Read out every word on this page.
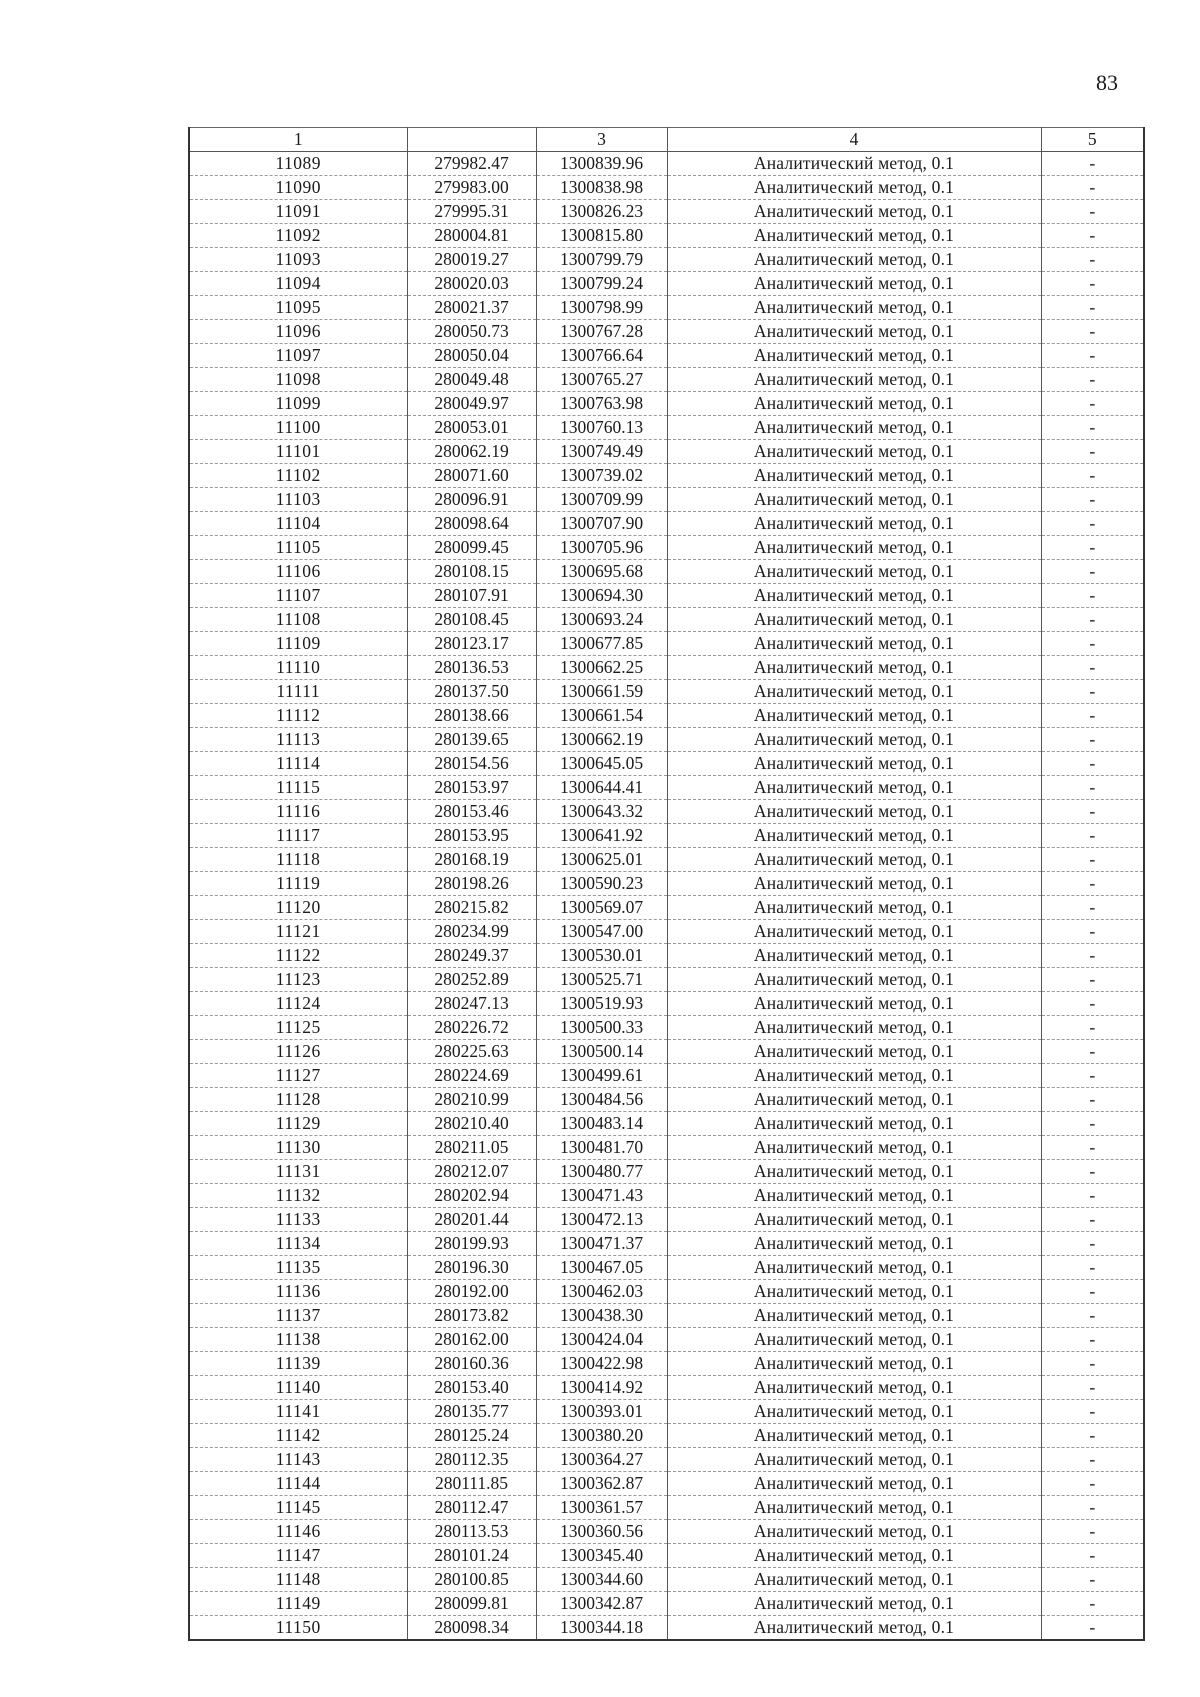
83
1		3	4	5
11089	279982.47	1300839.96	Аналитический метод, 0.1	-
11090	279983.00	1300838.98	Аналитический метод, 0.1	-
11091	279995.31	1300826.23	Аналитический метод, 0.1	-
11092	280004.81	1300815.80	Аналитический метод, 0.1	-
11093	280019.27	1300799.79	Аналитический метод, 0.1	-
11094	280020.03	1300799.24	Аналитический метод, 0.1	-
11095	280021.37	1300798.99	Аналитический метод, 0.1	-
11096	280050.73	1300767.28	Аналитический метод, 0.1	-
11097	280050.04	1300766.64	Аналитический метод, 0.1	-
11098	280049.48	1300765.27	Аналитический метод, 0.1	-
11099	280049.97	1300763.98	Аналитический метод, 0.1	-
11100	280053.01	1300760.13	Аналитический метод, 0.1	-
11101	280062.19	1300749.49	Аналитический метод, 0.1	-
11102	280071.60	1300739.02	Аналитический метод, 0.1	-
11103	280096.91	1300709.99	Аналитический метод, 0.1	-
11104	280098.64	1300707.90	Аналитический метод, 0.1	-
11105	280099.45	1300705.96	Аналитический метод, 0.1	-
11106	280108.15	1300695.68	Аналитический метод, 0.1	-
11107	280107.91	1300694.30	Аналитический метод, 0.1	-
11108	280108.45	1300693.24	Аналитический метод, 0.1	-
11109	280123.17	1300677.85	Аналитический метод, 0.1	-
11110	280136.53	1300662.25	Аналитический метод, 0.1	-
11111	280137.50	1300661.59	Аналитический метод, 0.1	-
11112	280138.66	1300661.54	Аналитический метод, 0.1	-
11113	280139.65	1300662.19	Аналитический метод, 0.1	-
11114	280154.56	1300645.05	Аналитический метод, 0.1	-
11115	280153.97	1300644.41	Аналитический метод, 0.1	-
11116	280153.46	1300643.32	Аналитический метод, 0.1	-
11117	280153.95	1300641.92	Аналитический метод, 0.1	-
11118	280168.19	1300625.01	Аналитический метод, 0.1	-
11119	280198.26	1300590.23	Аналитический метод, 0.1	-
11120	280215.82	1300569.07	Аналитический метод, 0.1	-
11121	280234.99	1300547.00	Аналитический метод, 0.1	-
11122	280249.37	1300530.01	Аналитический метод, 0.1	-
11123	280252.89	1300525.71	Аналитический метод, 0.1	-
11124	280247.13	1300519.93	Аналитический метод, 0.1	-
11125	280226.72	1300500.33	Аналитический метод, 0.1	-
11126	280225.63	1300500.14	Аналитический метод, 0.1	-
11127	280224.69	1300499.61	Аналитический метод, 0.1	-
11128	280210.99	1300484.56	Аналитический метод, 0.1	-
11129	280210.40	1300483.14	Аналитический метод, 0.1	-
11130	280211.05	1300481.70	Аналитический метод, 0.1	-
11131	280212.07	1300480.77	Аналитический метод, 0.1	-
11132	280202.94	1300471.43	Аналитический метод, 0.1	-
11133	280201.44	1300472.13	Аналитический метод, 0.1	-
11134	280199.93	1300471.37	Аналитический метод, 0.1	-
11135	280196.30	1300467.05	Аналитический метод, 0.1	-
11136	280192.00	1300462.03	Аналитический метод, 0.1	-
11137	280173.82	1300438.30	Аналитический метод, 0.1	-
11138	280162.00	1300424.04	Аналитический метод, 0.1	-
11139	280160.36	1300422.98	Аналитический метод, 0.1	-
11140	280153.40	1300414.92	Аналитический метод, 0.1	-
11141	280135.77	1300393.01	Аналитический метод, 0.1	-
11142	280125.24	1300380.20	Аналитический метод, 0.1	-
11143	280112.35	1300364.27	Аналитический метод, 0.1	-
11144	280111.85	1300362.87	Аналитический метод, 0.1	-
11145	280112.47	1300361.57	Аналитический метод, 0.1	-
11146	280113.53	1300360.56	Аналитический метод, 0.1	-
11147	280101.24	1300345.40	Аналитический метод, 0.1	-
11148	280100.85	1300344.60	Аналитический метод, 0.1	-
11149	280099.81	1300342.87	Аналитический метод, 0.1	-
11150	280098.34	1300344.18	Аналитический метод, 0.1	-
